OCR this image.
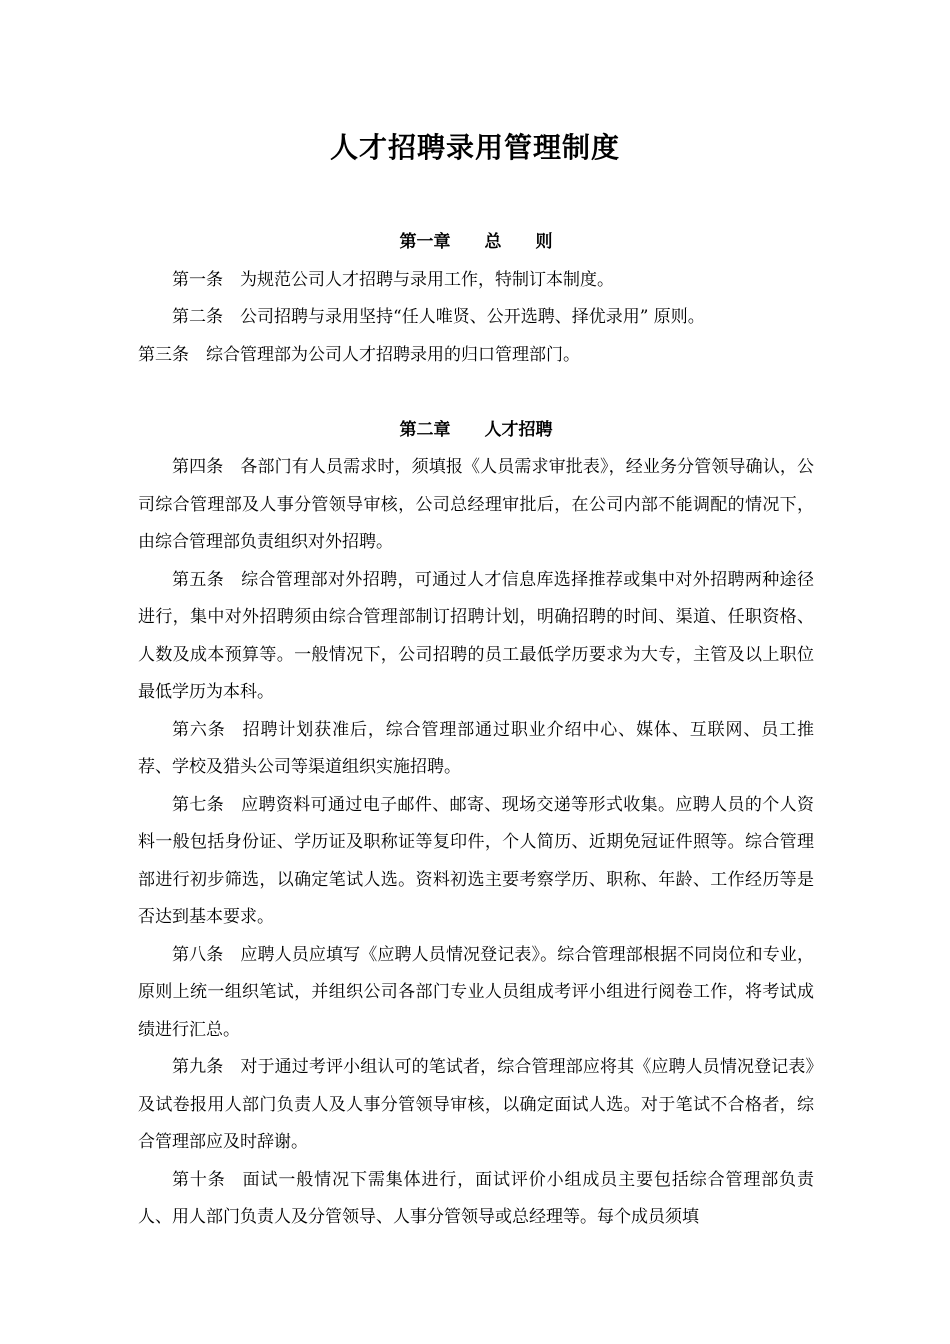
人才招聘录用管理制度
第一章　　总　　则

第一条 为规范公司人才招聘与录用工作，特制订本制度。

第二条 公司招聘与录用坚持“任人唯贤、公开选聘、择优录用” 原则。

第三条 综合管理部为公司人才招聘录用的归口管理部门。

第二章　　人才招聘

第四条 各部门有人员需求时，须填报《人员需求审批表》，经业务分管领导确认，公司综合管理部及人事分管领导审核，公司总经理审批后，在公司内部不能调配的情况下，由综合管理部负责组织对外招聘。

第五条 综合管理部对外招聘，可通过人才信息库选择推荐或集中对外招聘两种途径进行，集中对外招聘须由综合管理部制订招聘计划，明确招聘的时间、渠道、任职资格、人数及成本预算等。一般情况下，公司招聘的员工最低学历要求为大专，主管及以上职位最低学历为本科。

第六条 招聘计划获准后，综合管理部通过职业介绍中心、媒体、互联网、员工推荐、学校及猎头公司等渠道组织实施招聘。

第七条 应聘资料可通过电子邮件、邮寄、现场交递等形式收集。应聘人员的个人资料一般包括身份证、学历证及职称证等复印件，个人简历、近期免冠证件照等。综合管理部进行初步筛选，以确定笔试人选。资料初选主要考察学历、职称、年龄、工作经历等是否达到基本要求。

第八条 应聘人员应填写《应聘人员情况登记表》。综合管理部根据不同岗位和专业，原则上统一组织笔试，并组织公司各部门专业人员组成考评小组进行阅卷工作，将考试成绩进行汇总。

第九条 对于通过考评小组认可的笔试者，综合管理部应将其《应聘人员情况登记表》及试卷报用人部门负责人及人事分管领导审核，以确定面试人选。对于笔试不合格者，综合管理部应及时辞谢。

第十条 面试一般情况下需集体进行，面试评价小组成员主要包括综合管理部负责人、用人部门负责人及分管领导、人事分管领导或总经理等。每个成员须填
